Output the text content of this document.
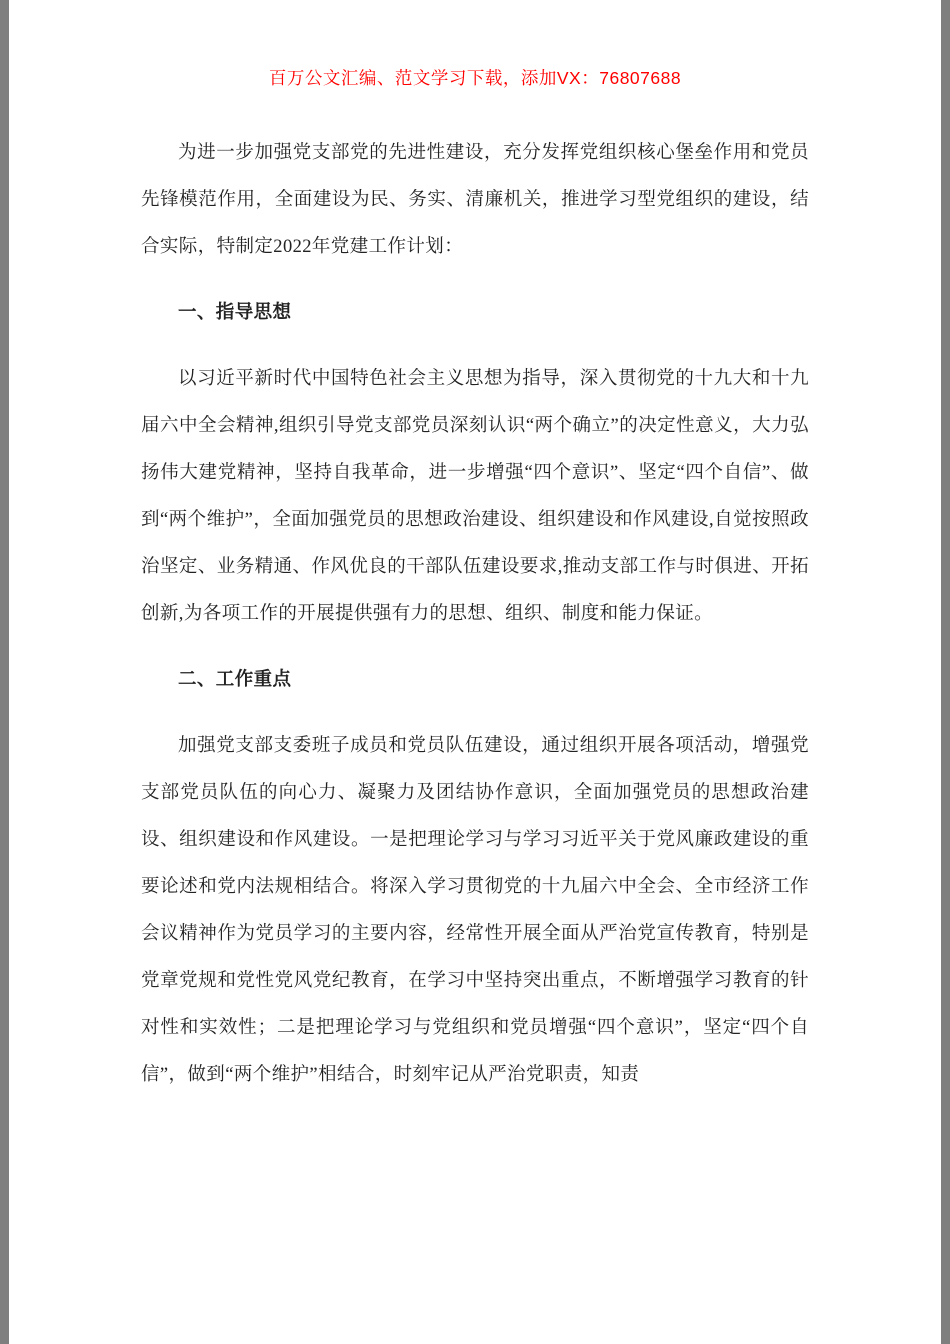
百万公文汇编、范文学习下载，添加VX：76807688

为进一步加强党支部党的先进性建设，充分发挥党组织核心堡垒作用和党员先锋模范作用，全面建设为民、务实、清廉机关，推进学习型党组织的建设，结合实际，特制定2022年党建工作计划：

一、指导思想

以习近平新时代中国特色社会主义思想为指导，深入贯彻党的十九大和十九届六中全会精神,组织引导党支部党员深刻认识“两个确立”的决定性意义，大力弘扬伟大建党精神，坚持自我革命，进一步增强“四个意识”、坚定“四个自信”、做到“两个维护”，全面加强党员的思想政治建设、组织建设和作风建设,自觉按照政治坚定、业务精通、作风优良的干部队伍建设要求,推动支部工作与时俱进、开拓创新,为各项工作的开展提供强有力的思想、组织、制度和能力保证。

二、工作重点

加强党支部支委班子成员和党员队伍建设，通过组织开展各项活动，增强党支部党员队伍的向心力、凝聚力及团结协作意识，全面加强党员的思想政治建设、组织建设和作风建设。一是把理论学习与学习习近平关于党风廉政建设的重要论述和党内法规相结合。将深入学习贯彻党的十九届六中全会、全市经济工作会议精神作为党员学习的主要内容，经常性开展全面从严治党宣传教育，特别是党章党规和党性党风党纪教育，在学习中坚持突出重点，不断增强学习教育的针对性和实效性；二是把理论学习与党组织和党员增强“四个意识”，坚定“四个自信”，做到“两个维护”相结合，时刻牢记从严治党职责，知责
